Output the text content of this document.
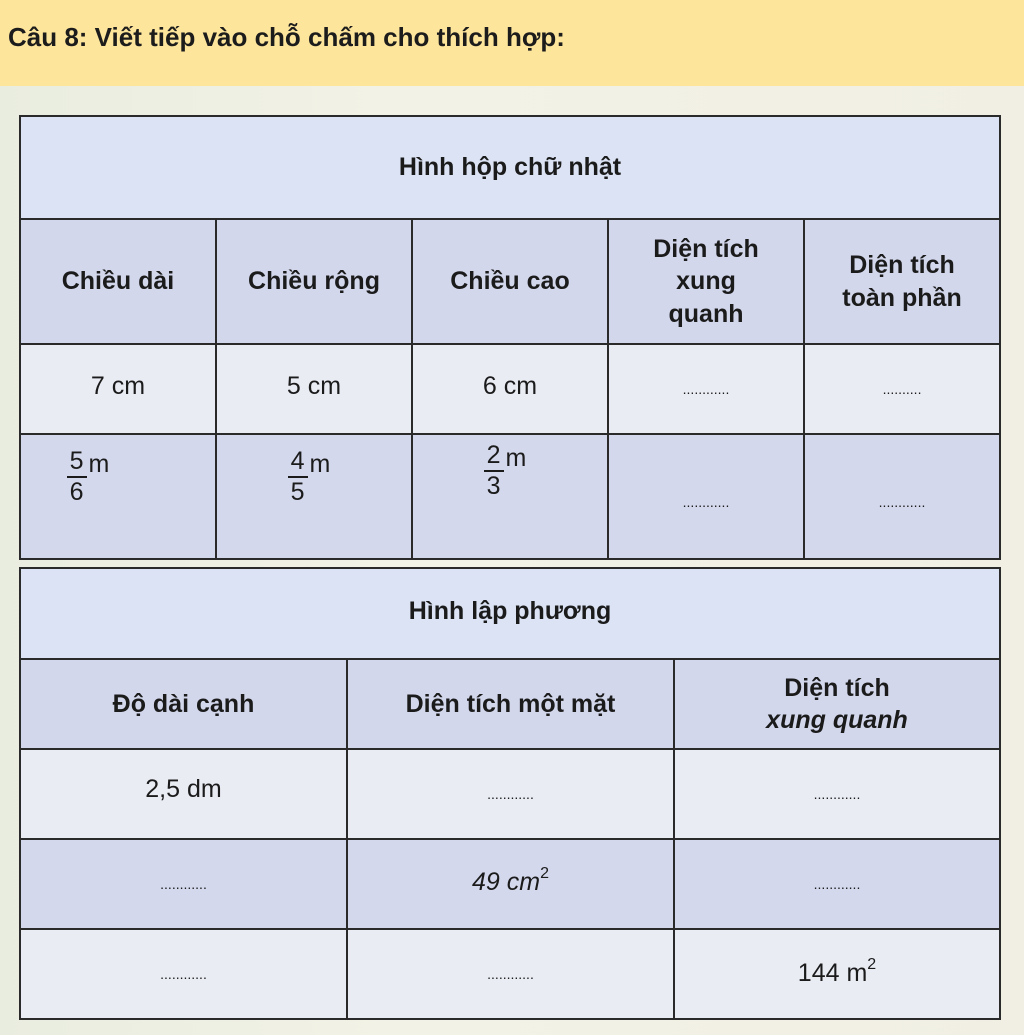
Câu 8: Viết tiếp vào chỗ chấm cho thích hợp:
Hình hộp chữ nhật				
Chiều dài	Chiều rộng	Chiều cao	Diện tích xung quanh	Diện tích toàn phần
7 cm	5 cm	6 cm	............	..........

$\frac{5}{6}$ m	$\frac{4}{5}$ m	$\frac{2}{3}$ m	............	............
Hình lập phương		
Độ dài cạnh	Diện tích một mặt	Diện tích
xung quanh

2,5 dm	............	............
............	49 $cm^2$	............
............	............	144 $m^2$
